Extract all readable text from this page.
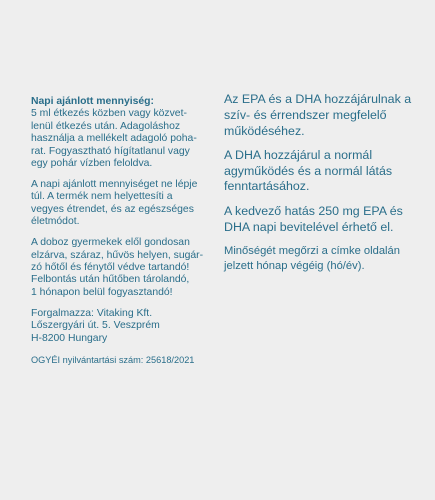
Napi ajánlott mennyiség:
5 ml étkezés közben vagy közvet-
lenül étkezés után. Adagoláshoz
használja a mellékelt adagoló poha-
rat. Fogyasztható hígítatlanul vagy
egy pohár vízben feloldva.

A napi ajánlott mennyiséget ne lépje
túl. A termék nem helyettesíti a
vegyes étrendet, és az egészséges
életmódot.

A doboz gyermekek elől gondosan
elzárva, száraz, hűvös helyen, sugár-
zó hőtől és fénytől védve tartandó!
Felbontás után hűtőben tárolandó,
1 hónapon belül fogyasztandó!

Forgalmazza: Vitaking Kft.
Lőszergyári út. 5. Veszprém
H-8200 Hungary

OGYÉI nyilvántartási szám: 25618/2021

Az EPA és a DHA hozzájárulnak a
szív- és érrendszer megfelelő
működéséhez.

A DHA hozzájárul a normál
agyműködés és a normál látás
fenntartásához.

A kedvező hatás 250 mg EPA és
DHA napi bevitelével érhető el.

Minőségét megőrzi a címke oldalán
jelzett hónap végéig (hó/év).
